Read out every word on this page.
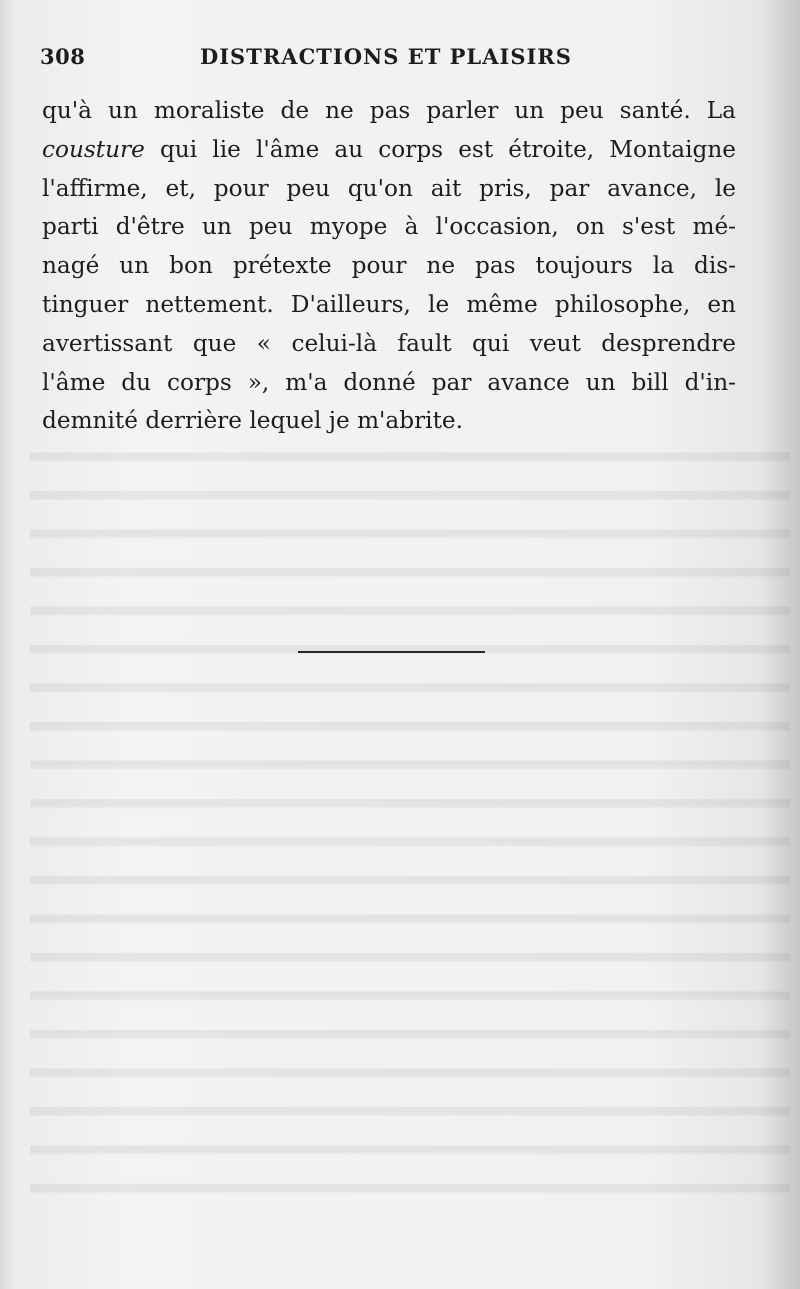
308	DISTRACTIONS ET PLAISIRS
qu'à un moraliste de ne pas parler un peu santé. La
cousture qui lie l'âme au corps est étroite, Montaigne
l'affirme, et, pour peu qu'on ait pris, par avance, le
parti d'être un peu myope à l'occasion, on s'est mé-
nagé un bon prétexte pour ne pas toujours la dis-
tinguer nettement. D'ailleurs, le même philosophe, en
avertissant que « celui-là fault qui veut desprendre
l'âme du corps », m'a donné par avance un bill d'in-
demnité derrière lequel je m'abrite.
